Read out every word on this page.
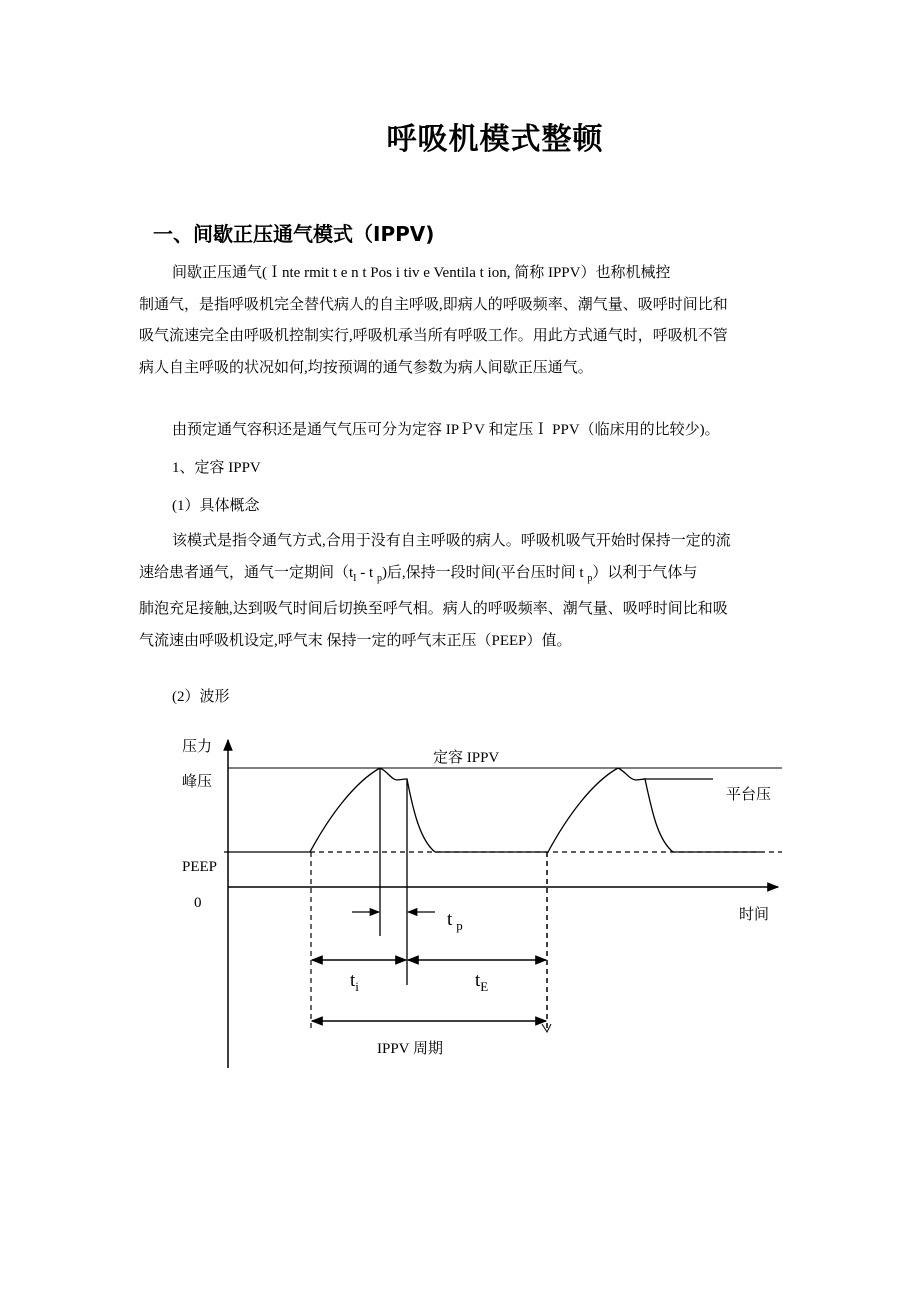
呼吸机模式整顿
一、间歇正压通气模式（ⅠPPⅤ)
间歇正压通气(Ｉnte rmit t e n t Pos i tiv e Ventila t ion, 简称 IPPV）也称机械控
制通气，是指呼吸机完全替代病人的自主呼吸,即病人的呼吸频率、潮气量、吸呼时间比和
吸气流速完全由呼吸机控制实行,呼吸机承当所有呼吸工作。用此方式通气时，呼吸机不管
病人自主呼吸的状况如何,均按预调的通气参数为病人间歇正压通气。
由预定通气容积还是通气气压可分为定容 IPＰV 和定压Ｉ PPV（临床用的比较少)。
1、定容 IPPV
(1）具体概念
该模式是指令通气方式,合用于没有自主呼吸的病人。呼吸机吸气开始时保持一定的流
速给患者通气，通气一定期间（$t_I$ - t $_p$)后,保持一段时间(平台压时间 t $_p$）以利于气体与
肺泡充足接触,达到吸气时间后切换至呼气相。病人的呼吸频率、潮气量、吸呼时间比和吸
气流速由呼吸机设定,呼气末 保持一定的呼气末正压（PEEP）值。
(2）波形
压力
峰压
定容 IPPV
平台压
PEEP
0
时间
t $_p$
$t_i$	$t_E$
IPPV 周期
